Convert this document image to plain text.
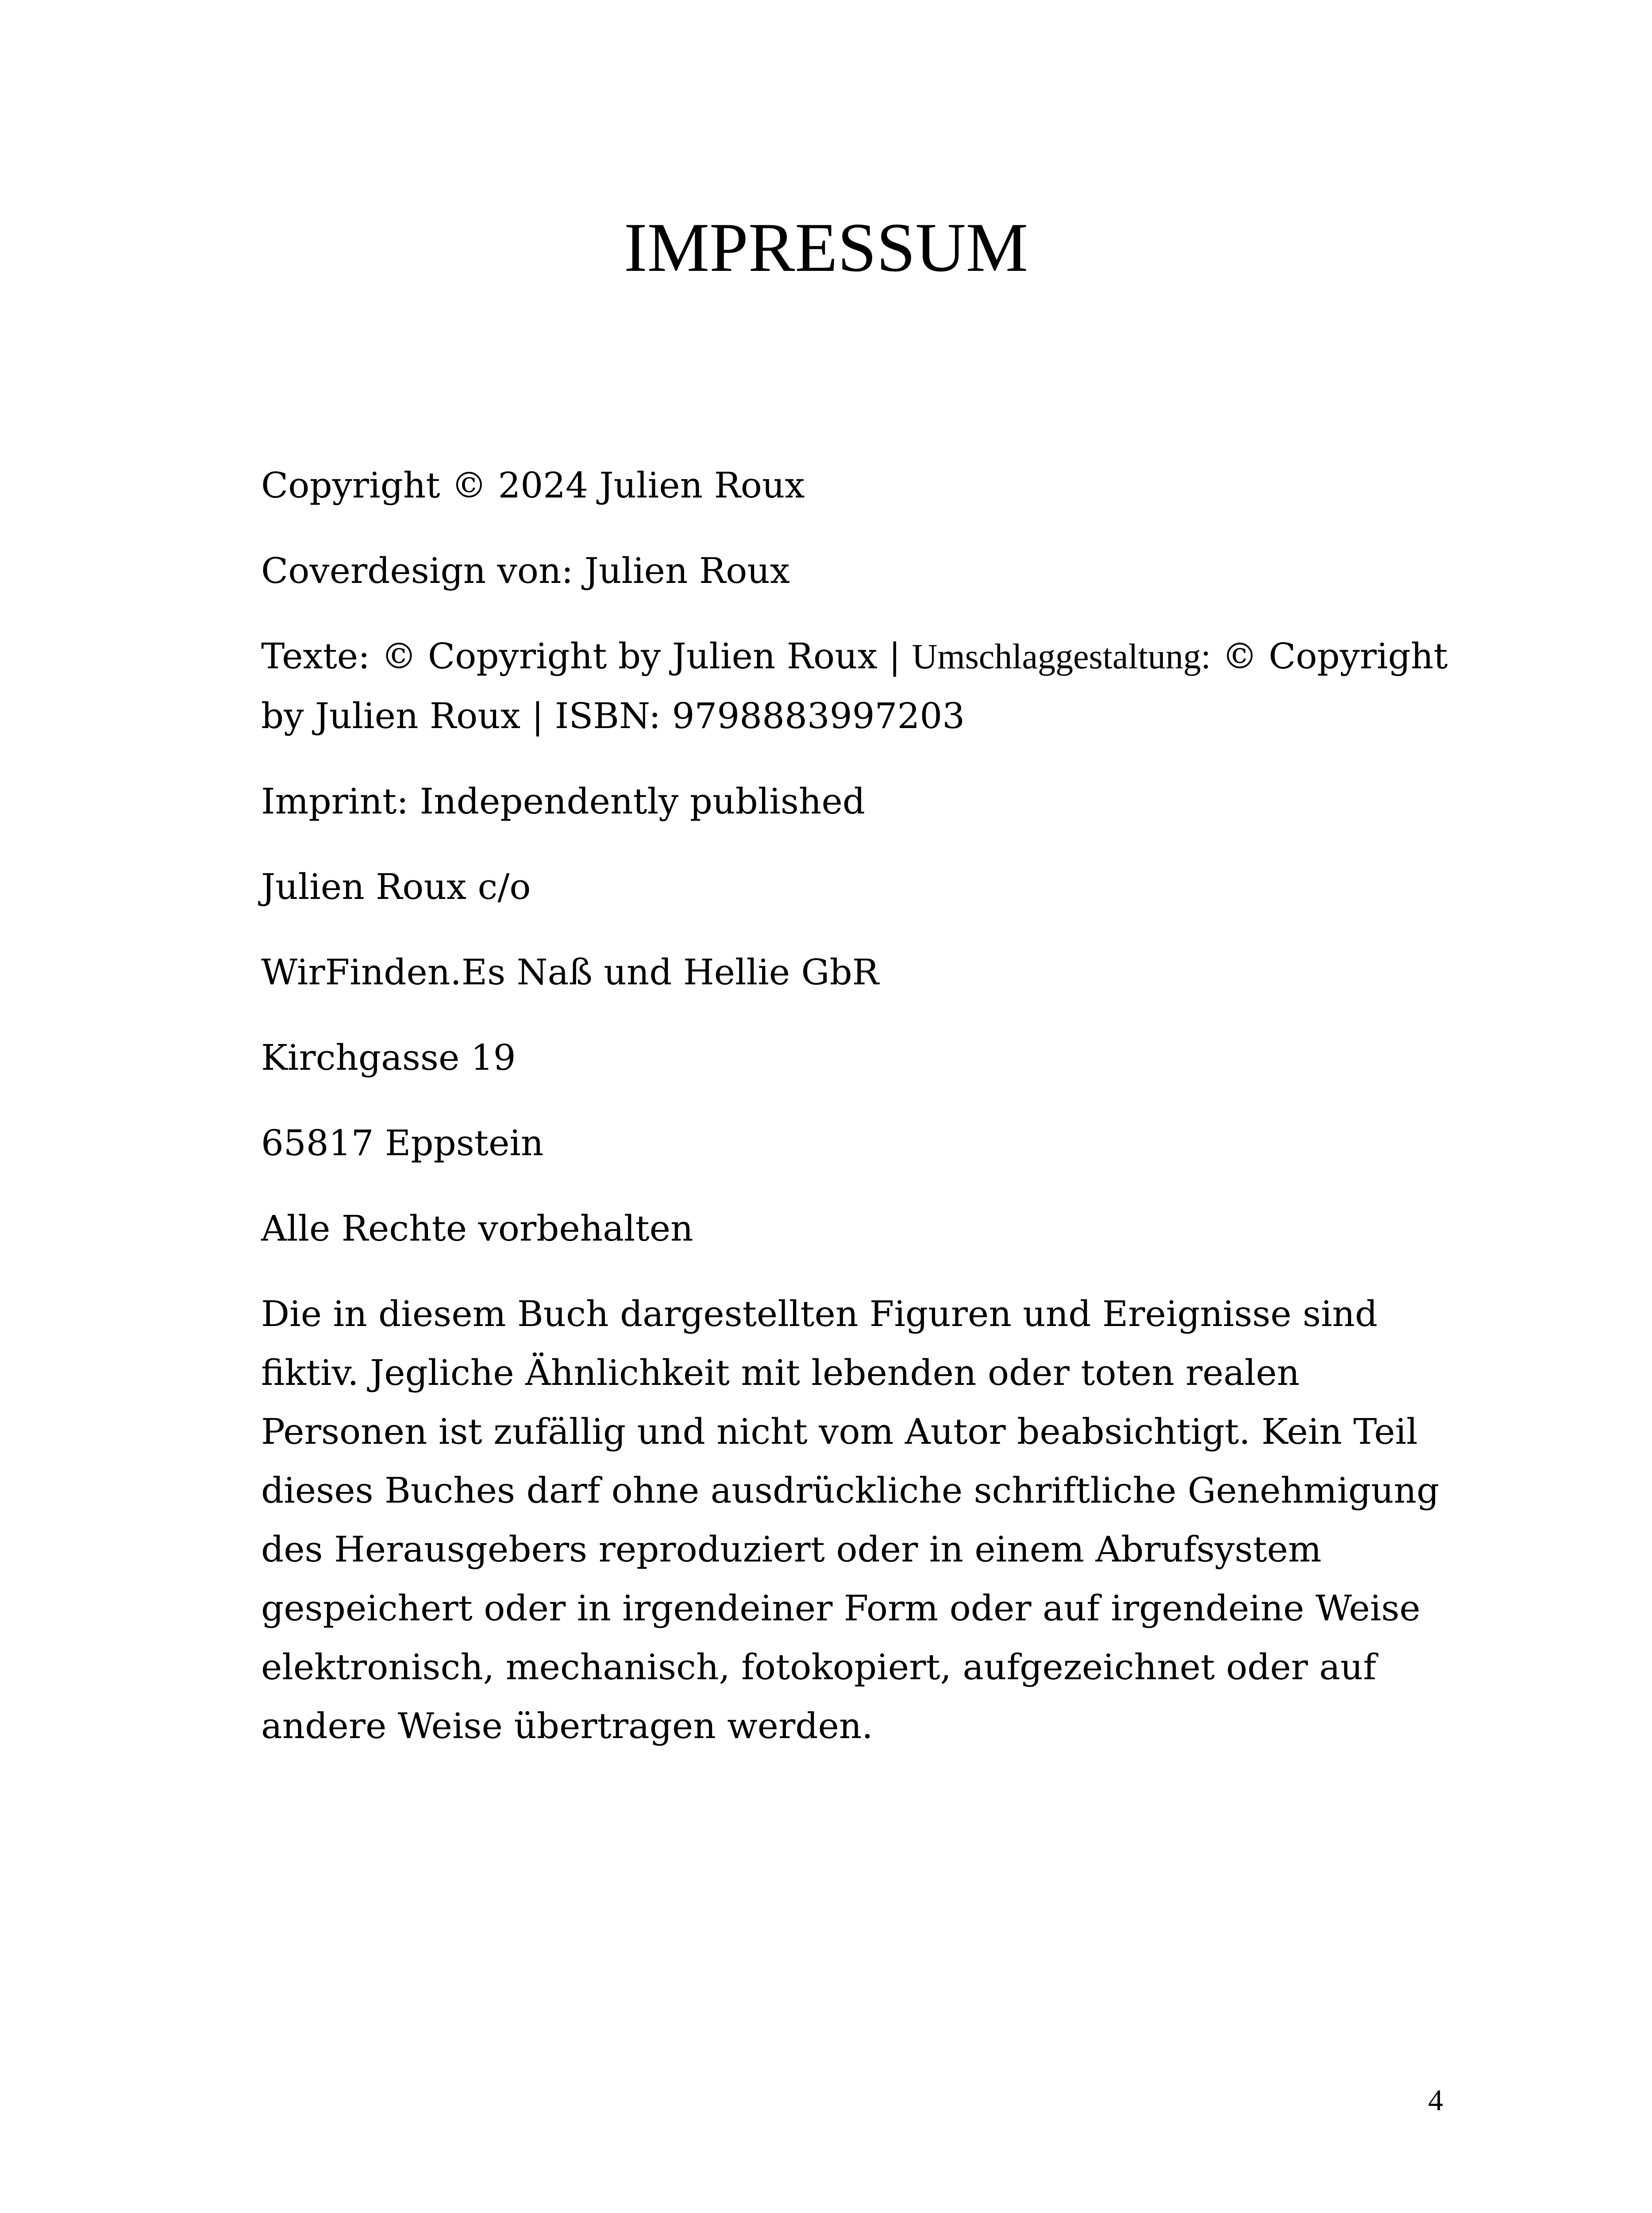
IMPRESSUM

Copyright © 2024 Julien Roux

Coverdesign von: Julien Roux

Texte: © Copyright by Julien Roux | Umschlaggestaltung: © Copyright by Julien Roux | ISBN: 9798883997203

Imprint: Independently published

Julien Roux c/o

WirFinden.Es Naß und Hellie GbR

Kirchgasse 19

65817 Eppstein

Alle Rechte vorbehalten

Die in diesem Buch dargestellten Figuren und Ereignisse sind fiktiv. Jegliche Ähnlichkeit mit lebenden oder toten realen Personen ist zufällig und nicht vom Autor beabsichtigt. Kein Teil dieses Buches darf ohne ausdrückliche schriftliche Genehmigung des Herausgebers reproduziert oder in einem Abrufsystem gespeichert oder in irgendeiner Form oder auf irgendeine Weise elektronisch, mechanisch, fotokopiert, aufgezeichnet oder auf andere Weise übertragen werden.

4
